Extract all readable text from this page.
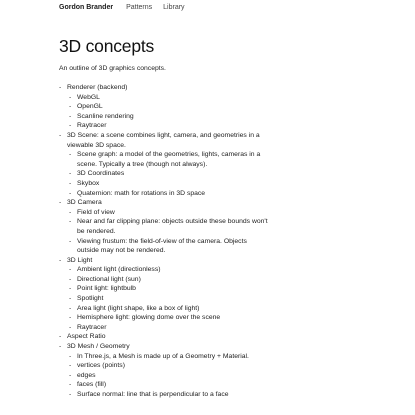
Gordon Brander Patterns Library
3D concepts

An outline of 3D graphics concepts.

- Renderer (backend)
- WebGL
- OpenGL
- Scanline rendering
- Raytracer
- 3D Scene: a scene combines light, camera, and geometries in a viewable 3D space.
- Scene graph: a model of the geometries, lights, cameras in a scene. Typically a tree (though not always).
- 3D Coordinates
- Skybox
- Quaternion: math for rotations in 3D space
- 3D Camera
- Field of view
- Near and far clipping plane: objects outside these bounds won't be rendered.
- Viewing frustum: the field-of-view of the camera. Objects outside may not be rendered.
- 3D Light
- Ambient light (directionless)
- Directional light (sun)
- Point light: lightbulb
- Spotlight
- Area light (light shape, like a box of light)
- Hemisphere light: glowing dome over the scene
- Raytracer
- Aspect Ratio
- 3D Mesh / Geometry
- In Three.js, a Mesh is made up of a Geometry + Material.
- vertices (points)
- edges
- faces (fill)
- Surface normal: line that is perpendicular to a face
